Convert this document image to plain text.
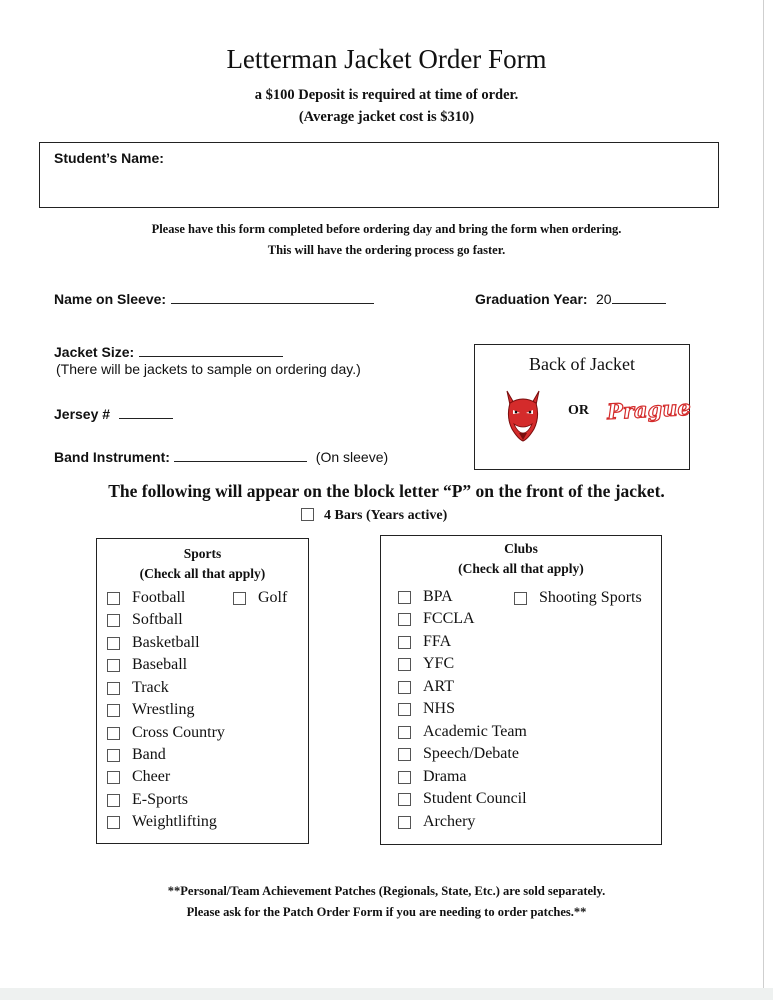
Letterman Jacket Order Form
a $100 Deposit is required at time of order.
(Average jacket cost is $310)
Student’s Name:
Please have this form completed before ordering day and bring the form when ordering.
This will have the ordering process go faster.
Name on Sleeve:	Graduation Year: 20
Jacket Size:
(There will be jackets to sample on ordering day.)
Jersey #
Band Instrument:	(On sleeve)
Back of Jacket
OR Prague
The following will appear on the block letter “P” on the front of the jacket.
4 Bars (Years active)
Sports
(Check all that apply)
Football	Golf
Softball
Basketball
Baseball
Track
Wrestling
Cross Country
Band
Cheer
E-Sports
Weightlifting
Clubs
(Check all that apply)
BPA	Shooting Sports
FCCLA
FFA
YFC
ART
NHS
Academic Team
Speech/Debate
Drama
Student Council
Archery
**Personal/Team Achievement Patches (Regionals, State, Etc.) are sold separately.
Please ask for the Patch Order Form if you are needing to order patches.**
